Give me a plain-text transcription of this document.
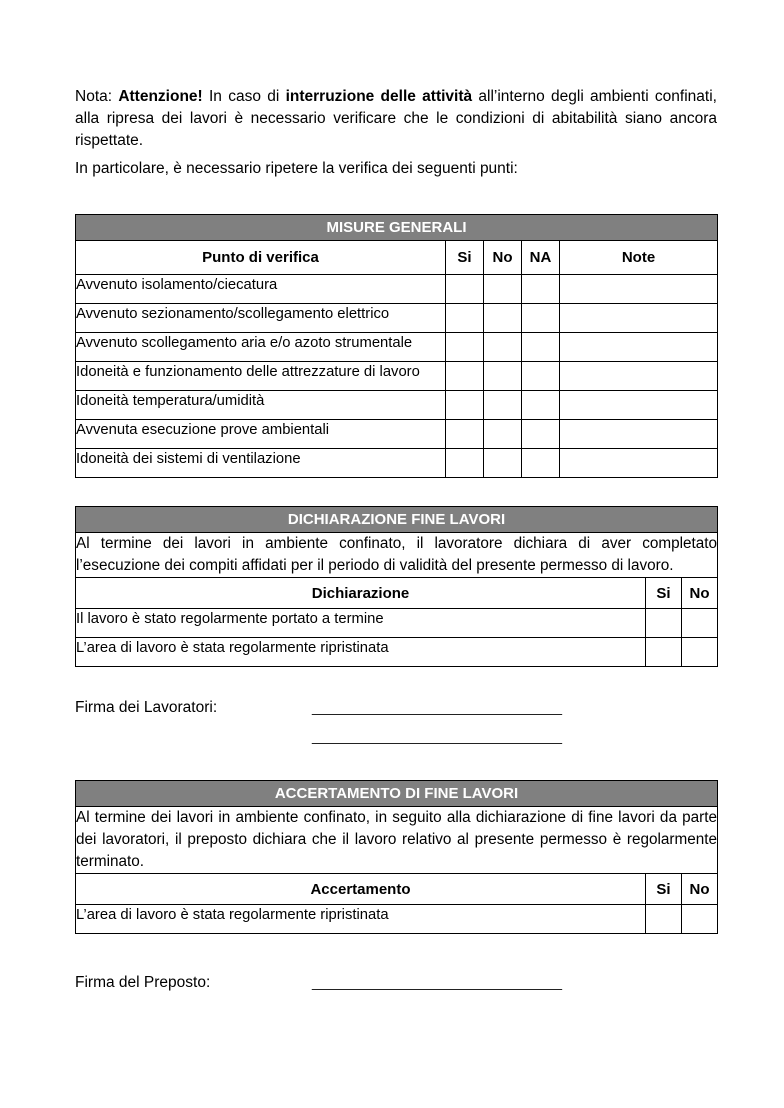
Nota: Attenzione! In caso di interruzione delle attività all’interno degli ambienti confinati, alla ripresa dei lavori è necessario verificare che le condizioni di abitabilità siano ancora rispettate.

In particolare, è necessario ripetere la verifica dei seguenti punti:

MISURE GENERALI				
Punto di verifica	Si	No	NA	Note
Avvenuto isolamento/ciecatura				
Avvenuto sezionamento/scollegamento elettrico				
Avvenuto scollegamento aria e/o azoto strumentale				
Idoneità e funzionamento delle attrezzature di lavoro				
Idoneità temperatura/umidità				
Avvenuta esecuzione prove ambientali				
Idoneità dei sistemi di ventilazione				
DICHIARAZIONE FINE LAVORI		
Al termine dei lavori in ambiente confinato, il lavoratore dichiara di aver completato l’esecuzione dei compiti affidati per il periodo di validità del presente permesso di lavoro.		
Dichiarazione	Si	No
Il lavoro è stato regolarmente portato a termine		
L’area di lavoro è stata regolarmente ripristinata		
Firma dei Lavoratori:	_____________________________
_____________________________
ACCERTAMENTO DI FINE LAVORI		
Al termine dei lavori in ambiente confinato, in seguito alla dichiarazione di fine lavori da parte dei lavoratori, il preposto dichiara che il lavoro relativo al presente permesso è regolarmente terminato.		
Accertamento	Si	No
L’area di lavoro è stata regolarmente ripristinata		
Firma del Preposto:	_____________________________
